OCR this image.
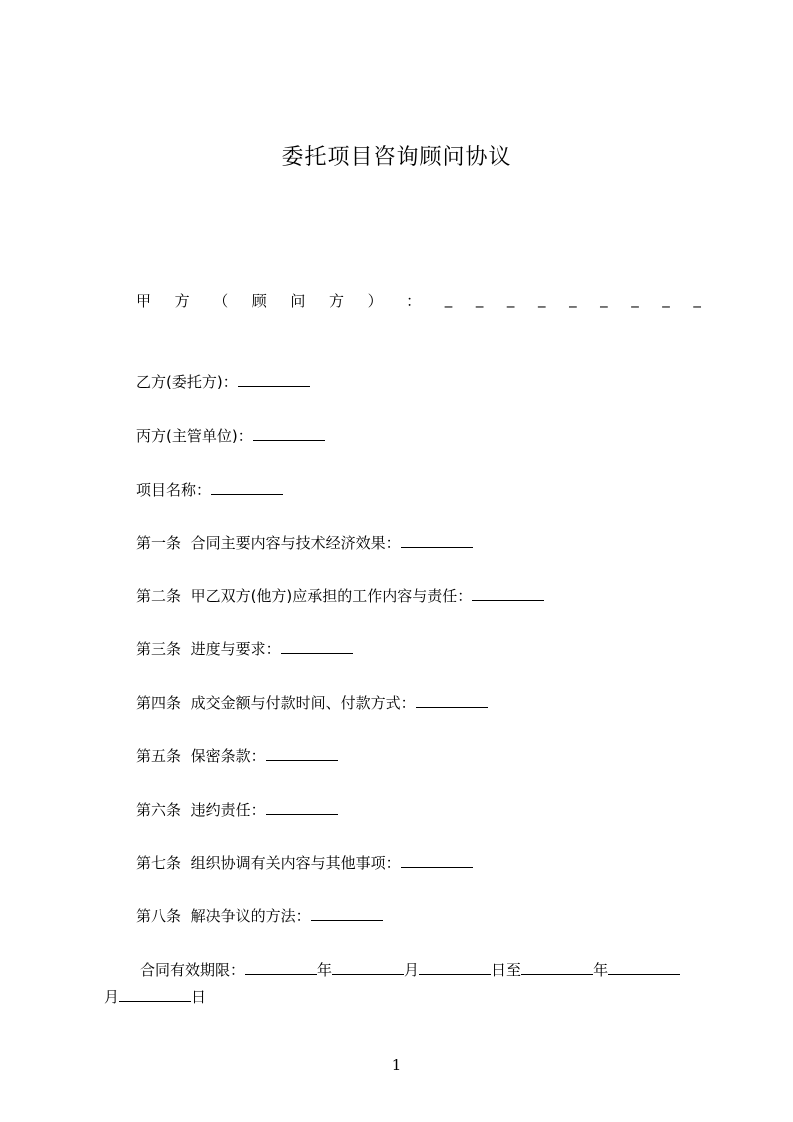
委托项目咨询顾问协议
甲 方 （ 顾 问 方 ） ： _ _ _ _ _ _ _ _ _
乙方(委托方)：
丙方(主管单位)：
项目名称：
第一条 合同主要内容与技术经济效果：
第二条 甲乙双方(他方)应承担的工作内容与责任：
第三条 进度与要求：
第四条 成交金额与付款时间、付款方式：
第五条 保密条款：
第六条 违约责任：
第七条 组织协调有关内容与其他事项：
第八条 解决争议的方法：
合同有效期限：	年	月	日至	年
月	日
1
